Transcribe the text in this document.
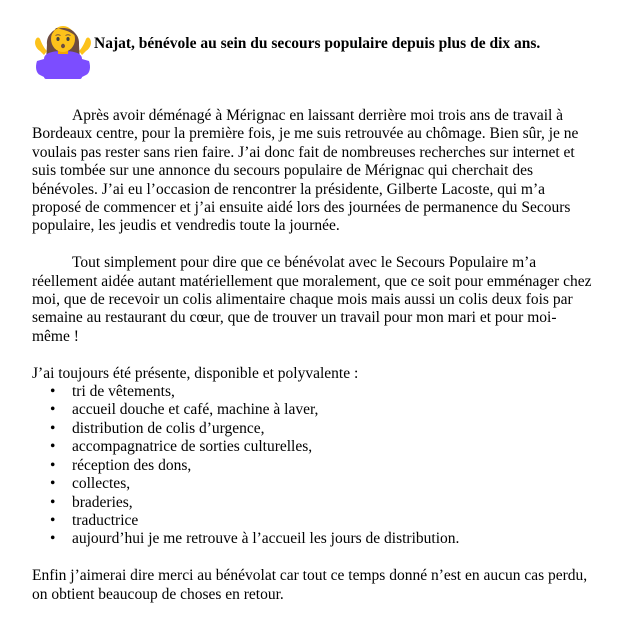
Najat, bénévole au sein du secours populaire depuis plus de dix ans.

Après avoir déménagé à Mérignac en laissant derrière moi trois ans de travail à Bordeaux centre, pour la première fois, je me suis retrouvée au chômage. Bien sûr, je ne voulais pas rester sans rien faire. J’ai donc fait de nombreuses recherches sur internet et suis tombée sur une annonce du secours populaire de Mérignac qui cherchait des bénévoles. J’ai eu l’occasion de rencontrer la présidente, Gilberte Lacoste, qui m’a proposé de commencer et j’ai ensuite aidé lors des journées de permanence du Secours populaire, les jeudis et vendredis toute la journée.

Tout simplement pour dire que ce bénévolat avec le Secours Populaire m’a réellement aidée autant matériellement que moralement, que ce soit pour emménager chez moi, que de recevoir un colis alimentaire chaque mois mais aussi un colis deux fois par semaine au restaurant du cœur, que de trouver un travail pour mon mari et pour moi-même !

J’ai toujours été présente, disponible et polyvalente :

• tri de vêtements,
• accueil douche et café, machine à laver,
• distribution de colis d’urgence,
• accompagnatrice de sorties culturelles,
• réception des dons,
• collectes,
• braderies,
• traductrice
• aujourd’hui je me retrouve à l’accueil les jours de distribution.

Enfin j’aimerai dire merci au bénévolat car tout ce temps donné n’est en aucun cas perdu, on obtient beaucoup de choses en retour.
